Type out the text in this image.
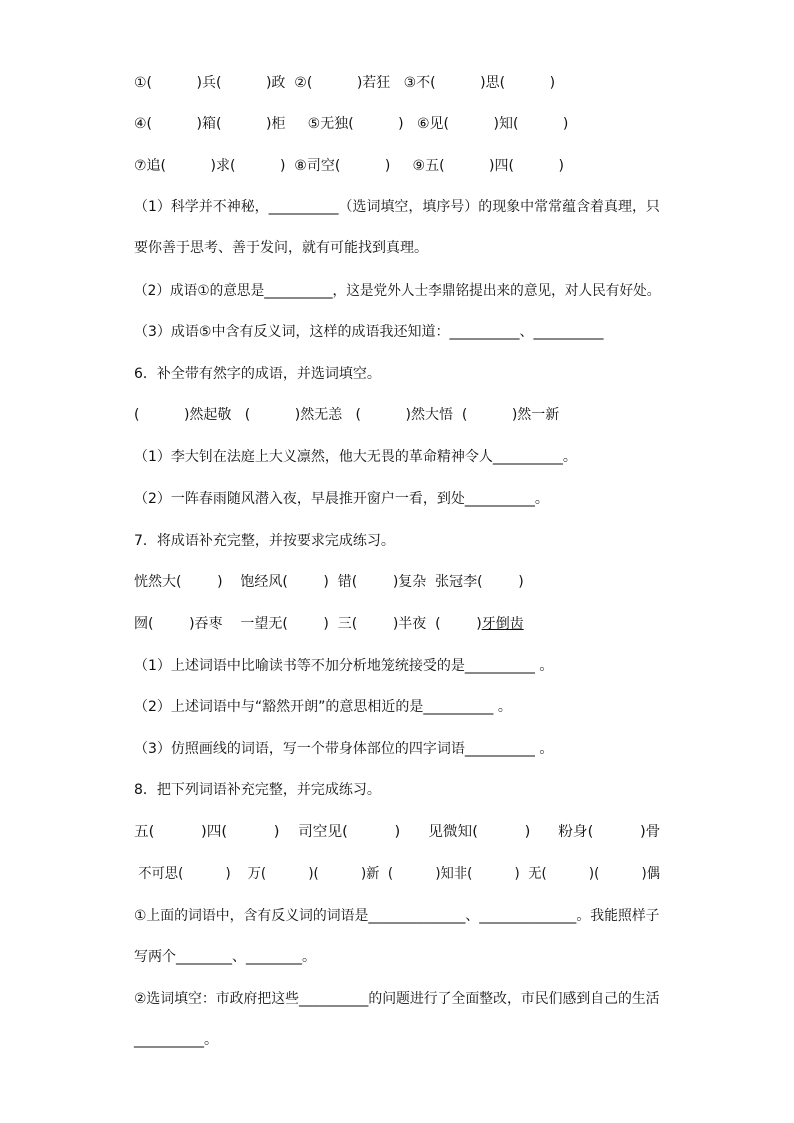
①(          )兵(          )政  ②(          )若狂   ③不(          )思(          )
④(          )箱(          )柜     ⑤无独(          )   ⑥见(          )知(          )
⑦追(          )求(          )  ⑧司空(          )     ⑨五(          )四(          )
（1）科学并不神秘，__________（选词填空，填序号）的现象中常常蕴含着真理，只
要你善于思考、善于发问，就有可能找到真理。
（2）成语①的意思是__________，这是党外人士李鼎铭提出来的意见，对人民有好处。
（3）成语⑤中含有反义词，这样的成语我还知道：__________、__________
6．补全带有然字的成语，并选词填空。
(          )然起敬   (          )然无恙   (          )然大悟  (          )然一新
（1）李大钊在法庭上大义凛然，他大无畏的革命精神令人__________。
（2）一阵春雨随风潜入夜，早晨推开窗户一看，到处__________。
7．将成语补充完整，并按要求完成练习。
恍然大(        )    饱经风(        )  错(        )复杂  张冠李(        )
囫(        )吞枣    一望无(        )  三(        )半夜  (        )牙倒齿
（1）上述词语中比喻读书等不加分析地笼统接受的是__________ 。
（2）上述词语中与“豁然开朗”的意思相近的是__________ 。
（3）仿照画线的词语，写一个带身体部位的四字词语__________ 。
8．把下列词语补充完整，并完成练习。
五(          )四(          )    司空见(          )      见微知(          )      粉身(          )骨
不可思(          )    万(          )(          )新  (          )知非(          )  无(          )(          )偶
①上面的词语中，含有反义词的词语是______________、______________。我能照样子
写两个________、________。
②选词填空：市政府把这些__________的问题进行了全面整改，市民们感到自己的生活
__________。
